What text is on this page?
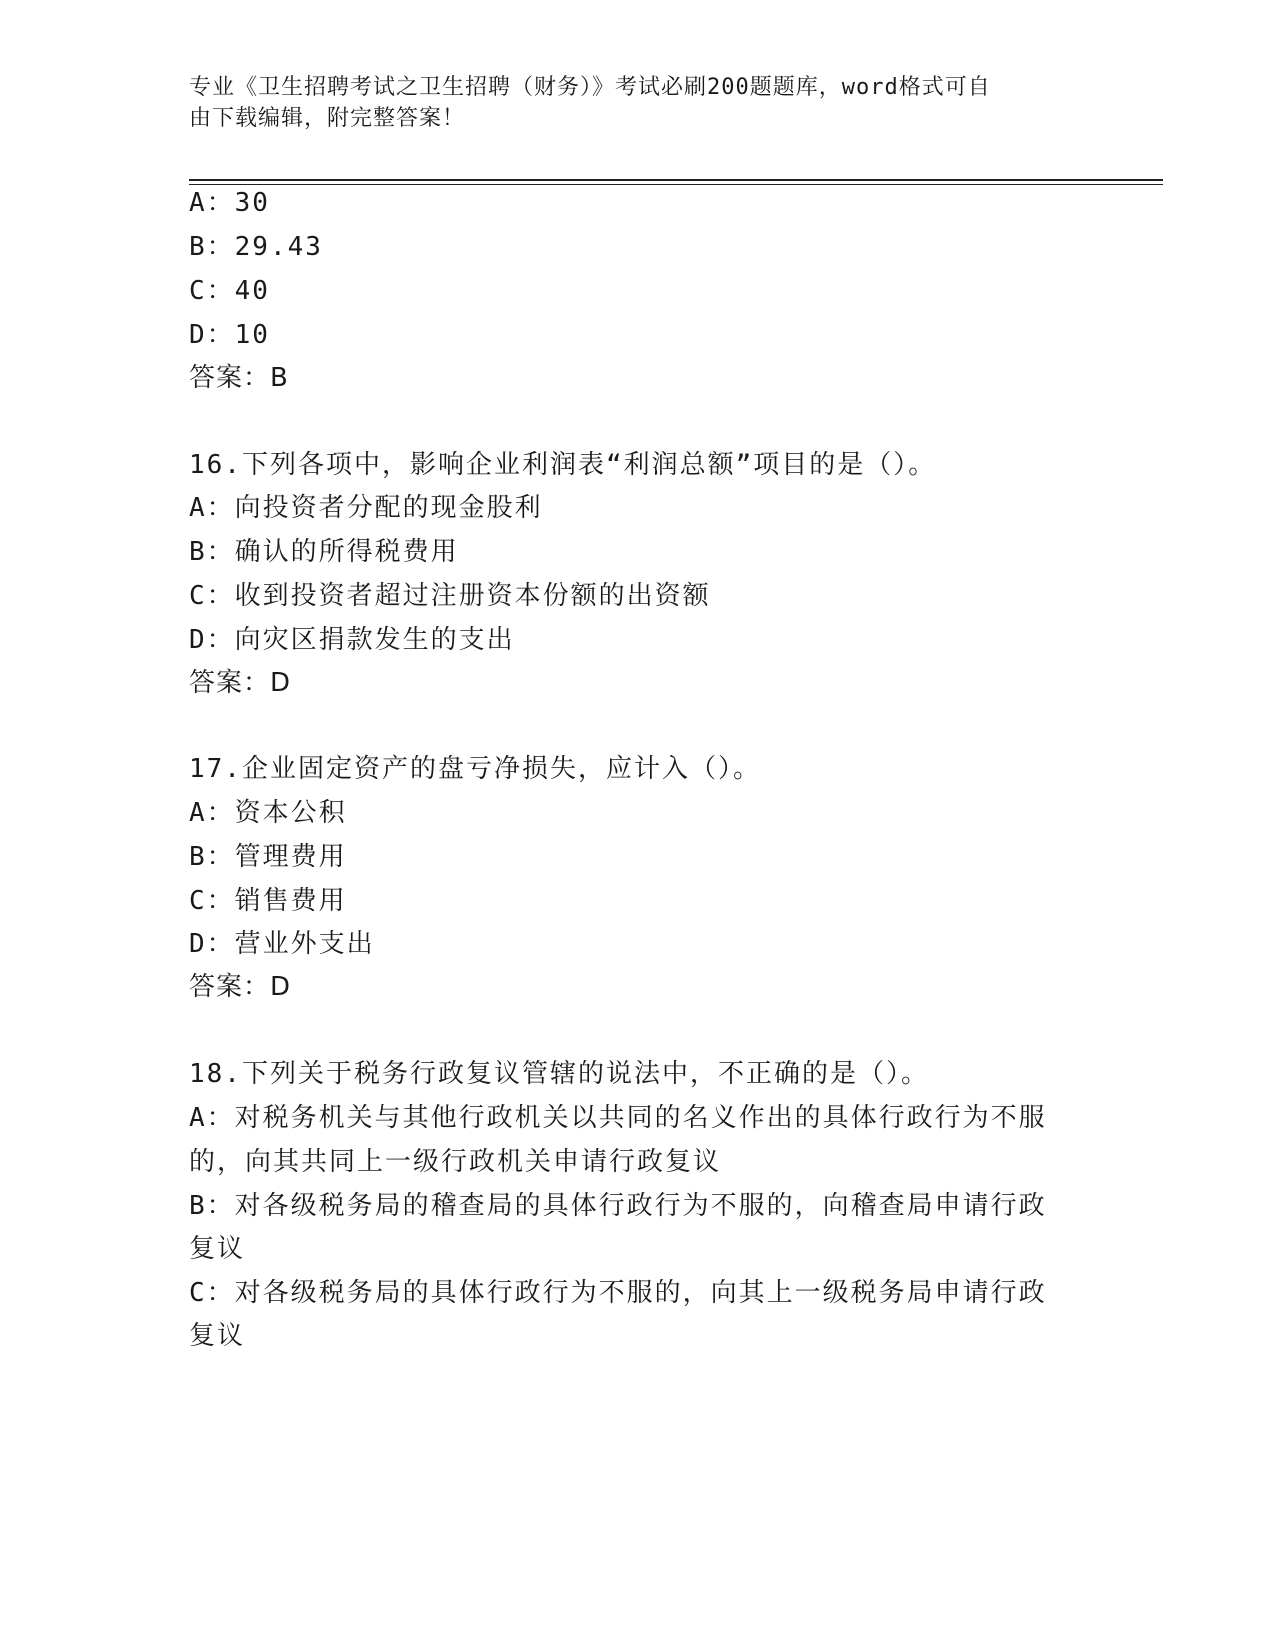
专业《卫生招聘考试之卫生招聘（财务）》考试必刷200题题库，word格式可自
由下载编辑，附完整答案！
A：30
B：29.43
C：40
D：10
答案：B
16.下列各项中，影响企业利润表“利润总额”项目的是（）。
A：向投资者分配的现金股利
B：确认的所得税费用
C：收到投资者超过注册资本份额的出资额
D：向灾区捐款发生的支出
答案：D
17.企业固定资产的盘亏净损失，应计入（）。
A：资本公积
B：管理费用
C：销售费用
D：营业外支出
答案：D
18.下列关于税务行政复议管辖的说法中，不正确的是（）。
A：对税务机关与其他行政机关以共同的名义作出的具体行政行为不服
的，向其共同上一级行政机关申请行政复议
B：对各级税务局的稽查局的具体行政行为不服的，向稽查局申请行政
复议
C：对各级税务局的具体行政行为不服的，向其上一级税务局申请行政
复议
